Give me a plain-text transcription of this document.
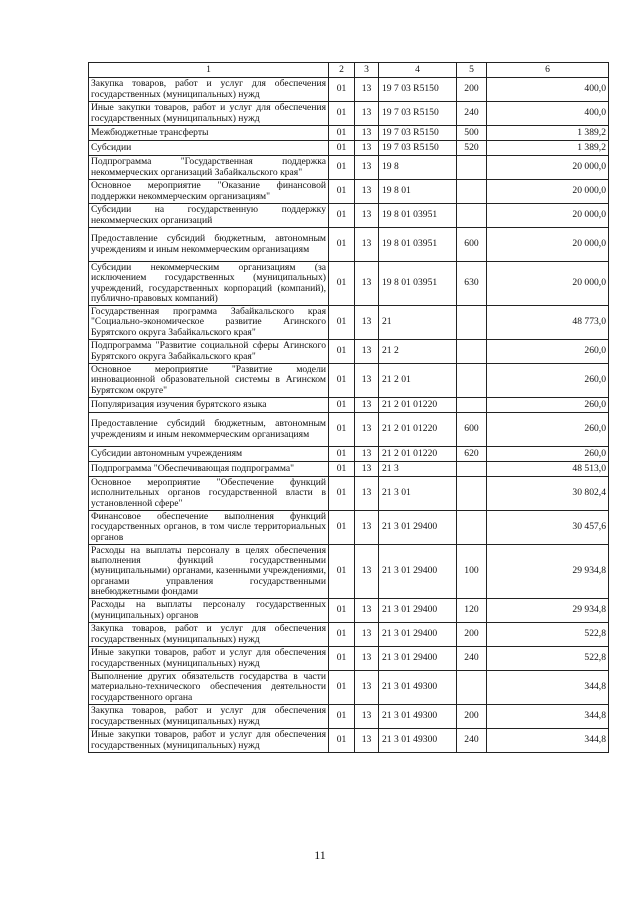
1	2	3	4	5	6
Закупка товаров, работ и услуг для обеспечения государственных (муниципальных) нужд	01	13	19 7 03 R5150	200	400,0
Иные закупки товаров, работ и услуг для обеспечения государственных (муниципальных) нужд	01	13	19 7 03 R5150	240	400,0
Межбюджетные трансферты	01	13	19 7 03 R5150	500	1 389,2
Субсидии	01	13	19 7 03 R5150	520	1 389,2
Подпрограмма "Государственная поддержка некоммерческих организаций Забайкальского края"	01	13	19 8		20 000,0
Основное мероприятие "Оказание финансовой поддержки некоммерческим организациям"	01	13	19 8 01		20 000,0
Субсидии на государственную поддержку некоммерческих организаций	01	13	19 8 01 03951		20 000,0
Предоставление субсидий бюджетным, автономным учреждениям и иным некоммерческим организациям	01	13	19 8 01 03951	600	20 000,0
Субсидии некоммерческим организациям (за исключением государственных (муниципальных) учреждений, государственных корпораций (компаний), публично-правовых компаний)	01	13	19 8 01 03951	630	20 000,0
Государственная программа Забайкальского края "Социально-экономическое развитие Агинского Бурятского округа Забайкальского края"	01	13	21		48 773,0
Подпрограмма "Развитие социальной сферы Агинского Бурятского округа Забайкальского края"	01	13	21 2		260,0
Основное мероприятие "Развитие модели инновационной образовательной системы в Агинском Бурятском округе"	01	13	21 2 01		260,0
Популяризация изучения бурятского языка	01	13	21 2 01 01220		260,0
Предоставление субсидий бюджетным, автономным учреждениям и иным некоммерческим организациям	01	13	21 2 01 01220	600	260,0
Субсидии автономным учреждениям	01	13	21 2 01 01220	620	260,0
Подпрограмма "Обеспечивающая подпрограмма"	01	13	21 3		48 513,0
Основное мероприятие "Обеспечение функций исполнительных органов государственной власти в установленной сфере"	01	13	21 3 01		30 802,4
Финансовое обеспечение выполнения функций государственных органов, в том числе территориальных органов	01	13	21 3 01 29400		30 457,6
Расходы на выплаты персоналу в целях обеспечения выполнения функций государственными (муниципальными) органами, казенными учреждениями, органами управления государственными внебюджетными фондами	01	13	21 3 01 29400	100	29 934,8
Расходы на выплаты персоналу государственных (муниципальных) органов	01	13	21 3 01 29400	120	29 934,8
Закупка товаров, работ и услуг для обеспечения государственных (муниципальных) нужд	01	13	21 3 01 29400	200	522,8
Иные закупки товаров, работ и услуг для обеспечения государственных (муниципальных) нужд	01	13	21 3 01 29400	240	522,8
Выполнение других обязательств государства в части материально-технического обеспечения деятельности государственного органа	01	13	21 3 01 49300		344,8
Закупка товаров, работ и услуг для обеспечения государственных (муниципальных) нужд	01	13	21 3 01 49300	200	344,8
Иные закупки товаров, работ и услуг для обеспечения государственных (муниципальных) нужд	01	13	21 3 01 49300	240	344,8
11
